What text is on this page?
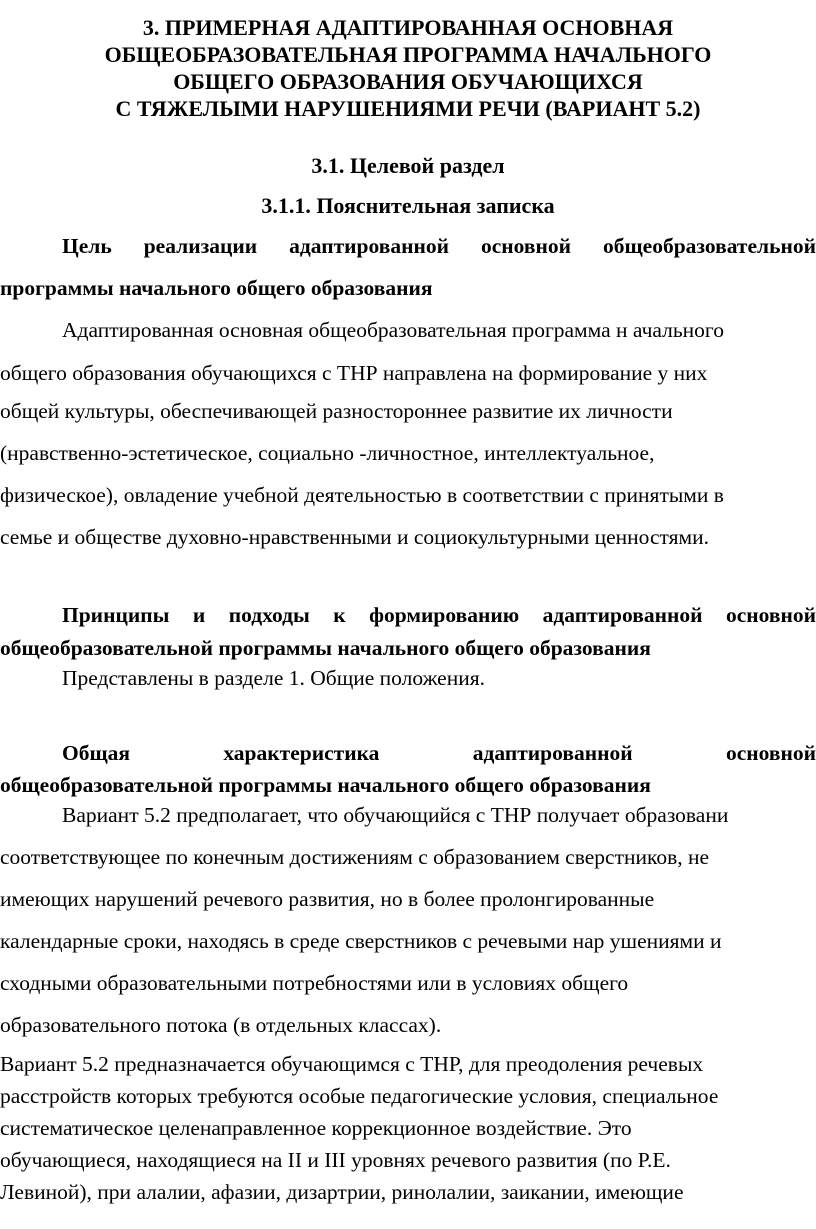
3. ПРИМЕРНАЯ АДАПТИРОВАННАЯ ОСНОВНАЯ
ОБЩЕОБРАЗОВАТЕЛЬНАЯ ПРОГРАММА НАЧАЛЬНОГО
ОБЩЕГО ОБРАЗОВАНИЯ ОБУЧАЮЩИХСЯ
С ТЯЖЕЛЫМИ НАРУШЕНИЯМИ РЕЧИ (ВАРИАНТ 5.2)
3.1. Целевой раздел
3.1.1. Пояснительная записка
Цель реализации адаптированной основной общеобразовательной
программы начального общего образования
Адаптированная основная общеобразовательная программа н ачального
общего образования обучающихся с ТНР направлена на формирование у них
общей культуры, обеспечивающей разностороннее развитие их личности
(нравственно-эстетическое, социально -личностное, интеллектуальное,
физическое), овладение учебной деятельностью в соответствии с принятыми в
семье и обществе духовно-нравственными и социокультурными ценностями.
Принципы и подходы к формированию адаптированной основной
общеобразовательной программы начального общего образования
Представлены в разделе 1. Общие положения.
Общая	характеристика	адаптированной	основной
общеобразовательной программы начального общего образования
Вариант 5.2 предполагает, что обучающийся с ТНР получает образовани
соответствующее по конечным достижениям с образованием сверстников, не
имеющих нарушений речевого развития, но в более пролонгированные
календарные сроки, находясь в среде сверстников с речевыми нар ушениями и
сходными образовательными потребностями или в условиях общего
образовательного потока (в отдельных классах).
Вариант 5.2 предназначается обучающимся с ТНР, для преодоления речевых
расстройств которых требуются особые педагогические условия, специальное
систематическое целенаправленное коррекционное воздействие. Это
обучающиеся, находящиеся на II и III уровнях речевого развития (по Р.Е.
Левиной), при алалии, афазии, дизартрии, ринолалии, заикании, имеющие
